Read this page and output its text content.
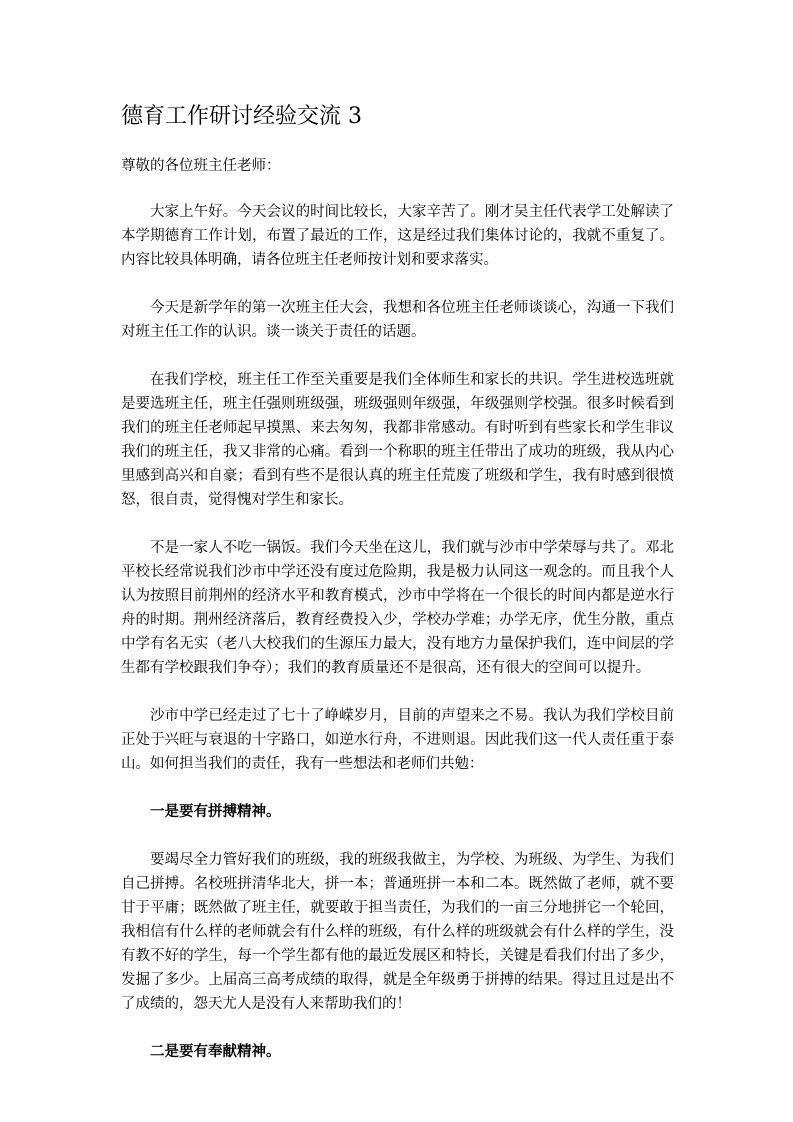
德育工作研讨经验交流 3

尊敬的各位班主任老师：

大家上午好。今天会议的时间比较长，大家辛苦了。刚才吴主任代表学工处解读了本学期德育工作计划，布置了最近的工作，这是经过我们集体讨论的，我就不重复了。内容比较具体明确，请各位班主任老师按计划和要求落实。

今天是新学年的第一次班主任大会，我想和各位班主任老师谈谈心，沟通一下我们对班主任工作的认识。谈一谈关于责任的话题。

在我们学校，班主任工作至关重要是我们全体师生和家长的共识。学生进校选班就是要选班主任，班主任强则班级强，班级强则年级强，年级强则学校强。很多时候看到我们的班主任老师起早摸黑、来去匆匆，我都非常感动。有时听到有些家长和学生非议我们的班主任，我又非常的心痛。看到一个称职的班主任带出了成功的班级，我从内心里感到高兴和自豪；看到有些不是很认真的班主任荒废了班级和学生，我有时感到很愤怒，很自责，觉得愧对学生和家长。

不是一家人不吃一锅饭。我们今天坐在这儿，我们就与沙市中学荣辱与共了。邓北平校长经常说我们沙市中学还没有度过危险期，我是极力认同这一观念的。而且我个人认为按照目前荆州的经济水平和教育模式，沙市中学将在一个很长的时间内都是逆水行舟的时期。荆州经济落后，教育经费投入少，学校办学难；办学无序，优生分散，重点中学有名无实（老八大校我们的生源压力最大，没有地方力量保护我们，连中间层的学生都有学校跟我们争夺）；我们的教育质量还不是很高，还有很大的空间可以提升。

沙市中学已经走过了七十了峥嵘岁月，目前的声望来之不易。我认为我们学校目前正处于兴旺与衰退的十字路口，如逆水行舟，不进则退。因此我们这一代人责任重于泰山。如何担当我们的责任，我有一些想法和老师们共勉：

一是要有拼搏精神。

要竭尽全力管好我们的班级，我的班级我做主，为学校、为班级、为学生、为我们自己拼搏。名校班拼清华北大，拼一本；普通班拼一本和二本。既然做了老师，就不要甘于平庸；既然做了班主任，就要敢于担当责任，为我们的一亩三分地拼它一个轮回，我相信有什么样的老师就会有什么样的班级，有什么样的班级就会有什么样的学生，没有教不好的学生，每一个学生都有他的最近发展区和特长，关键是看我们付出了多少，发掘了多少。上届高三高考成绩的取得，就是全年级勇于拼搏的结果。得过且过是出不了成绩的，怨天尤人是没有人来帮助我们的！

二是要有奉献精神。
